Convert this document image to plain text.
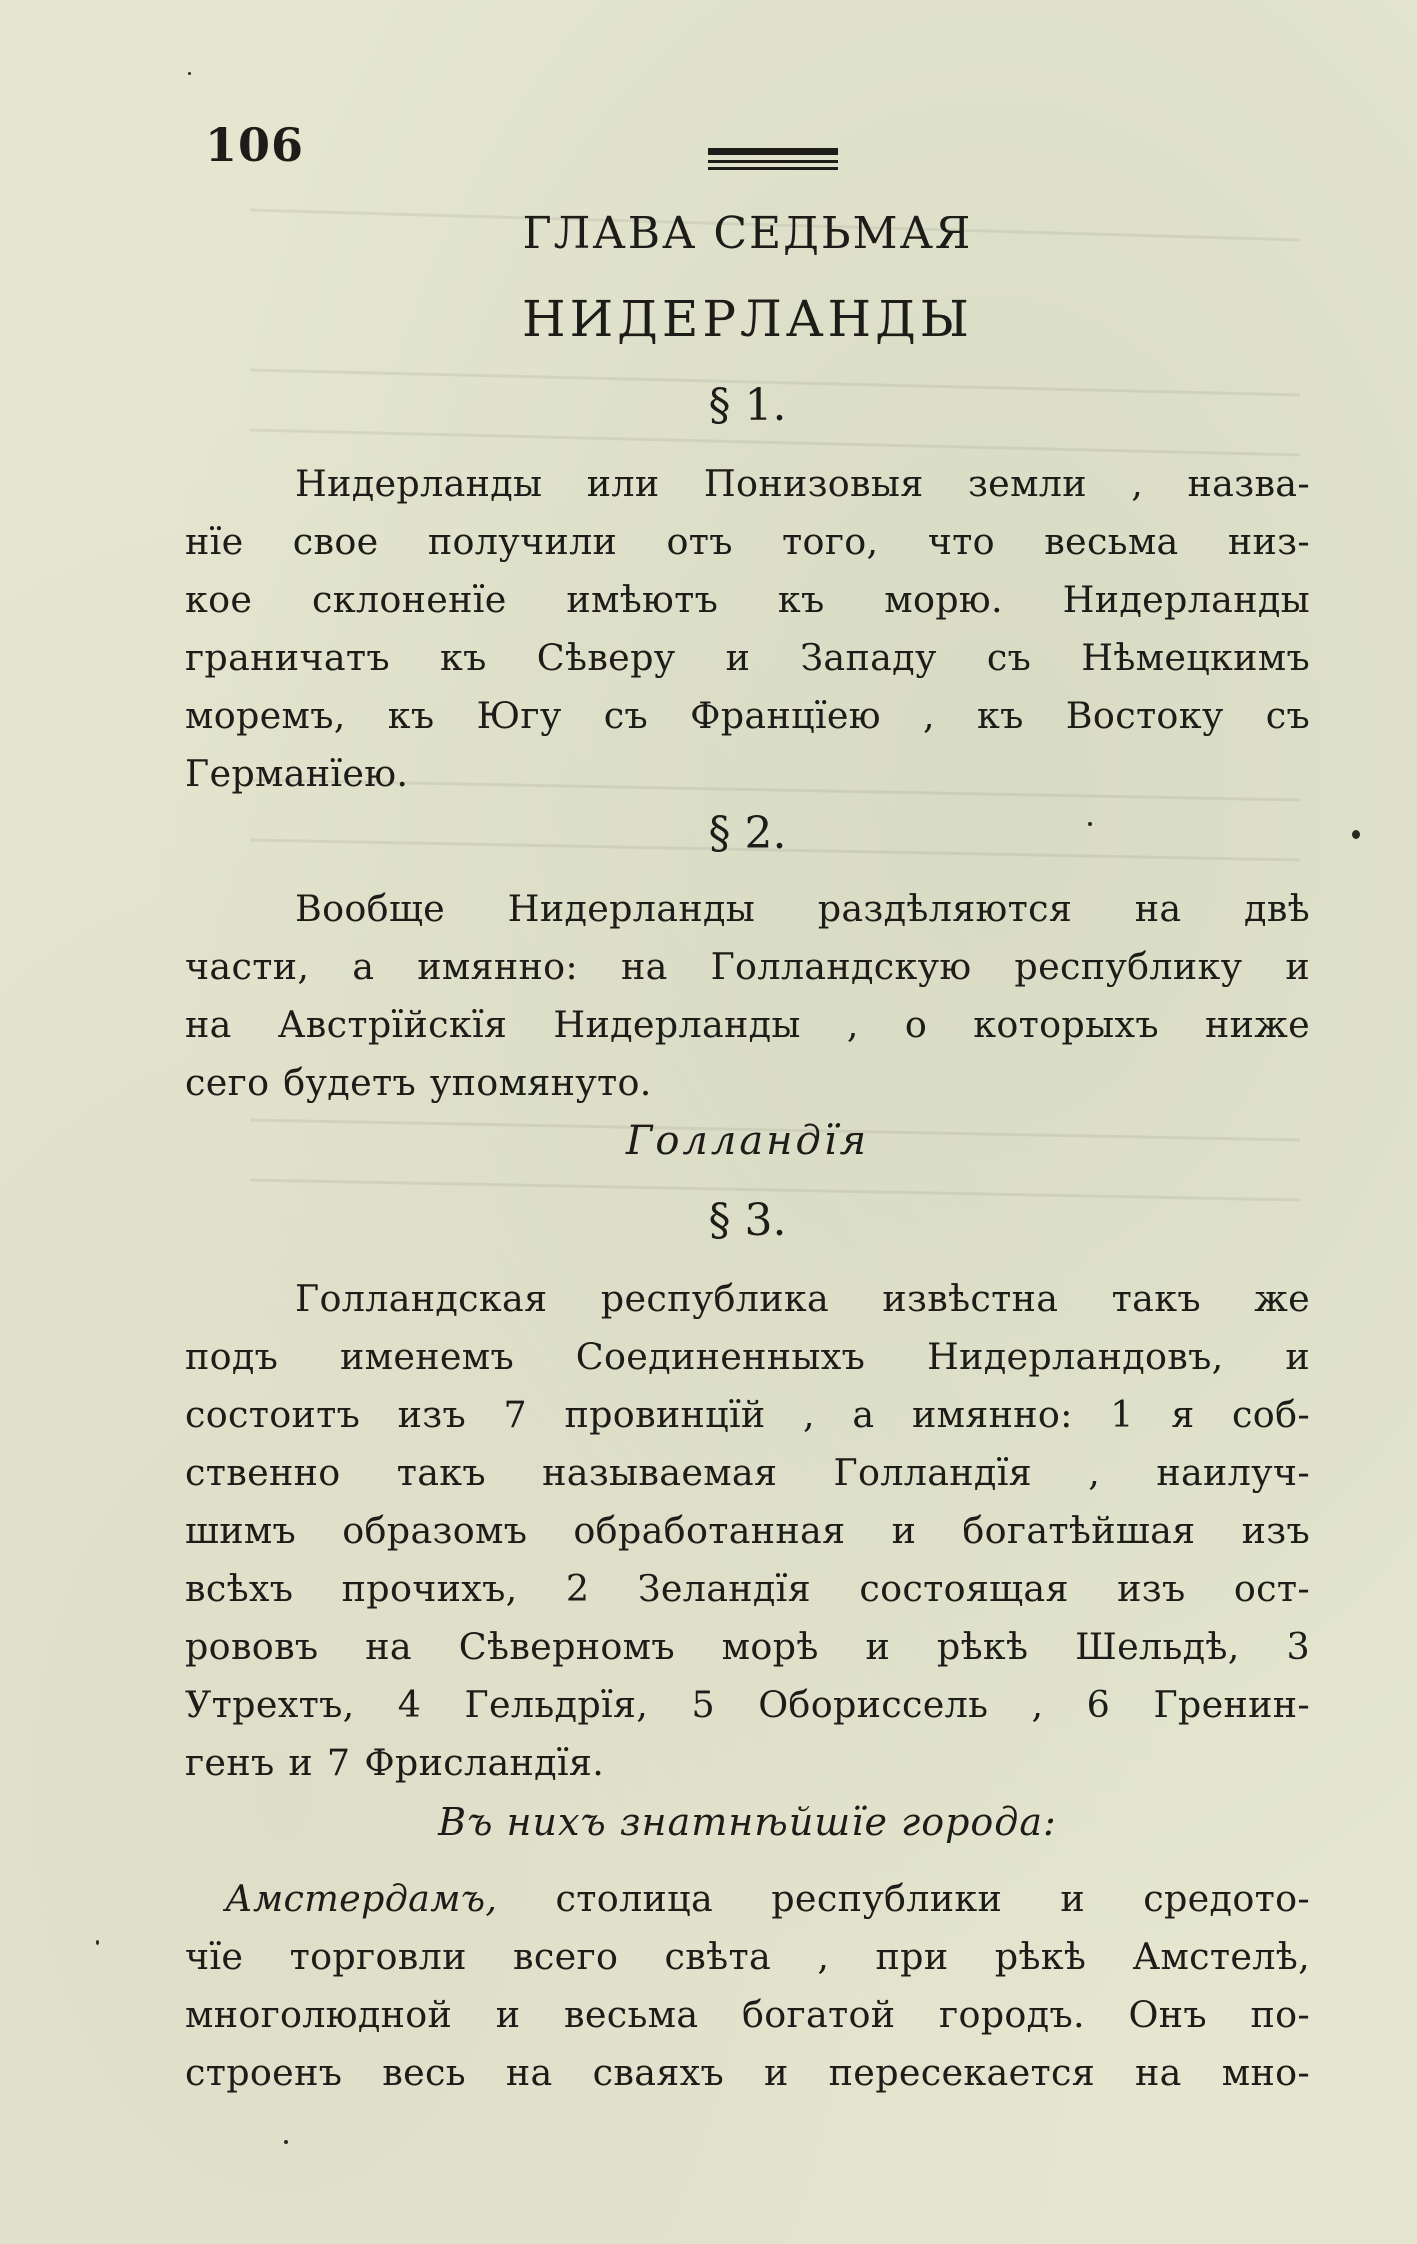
106
ГЛАВА СЕДЬМАЯ
НИДЕРЛАНДЫ
§ 1.
Нидерланды или Понизовыя земли , назва-
нїе свое получили отъ того, что весьма низ-
кое склоненїе имѣютъ къ морю. Нидерланды
граничатъ къ Сѣверу и Западу съ Нѣмецкимъ
моремъ, къ Югу съ Францїею , къ Востоку съ
Германїею.
§ 2.
Вообще Нидерланды раздѣляются на двѣ
части, а имянно: на Голландскую республику и
на Австрїйскїя Нидерланды , о которыхъ ниже
сего будетъ упомянуто.
Голландїя
§ 3.
Голландская республика извѣстна такъ же
подъ именемъ Соединенныхъ Нидерландовъ, и
состоитъ изъ 7 провинцїй , а имянно: 1 я соб-
ственно такъ называемая Голландїя , наилуч-
шимъ образомъ обработанная и богатѣйшая изъ
всѣхъ прочихъ, 2 Зеландїя состоящая изъ ост-
рововъ на Сѣверномъ морѣ и рѣкѣ Шельдѣ, 3
Утрехтъ, 4 Гельдрїя, 5 Обориссель , 6 Гренин-
генъ и 7 Фрисландїя.
Въ нихъ знатнѣйшїе города:
Амстердамъ, столица республики и средото-
чїе торговли всего свѣта , при рѣкѣ Амстелѣ,
многолюдной и весьма богатой городъ. Онъ по-
строенъ весь на сваяхъ и пересекается на мно-
